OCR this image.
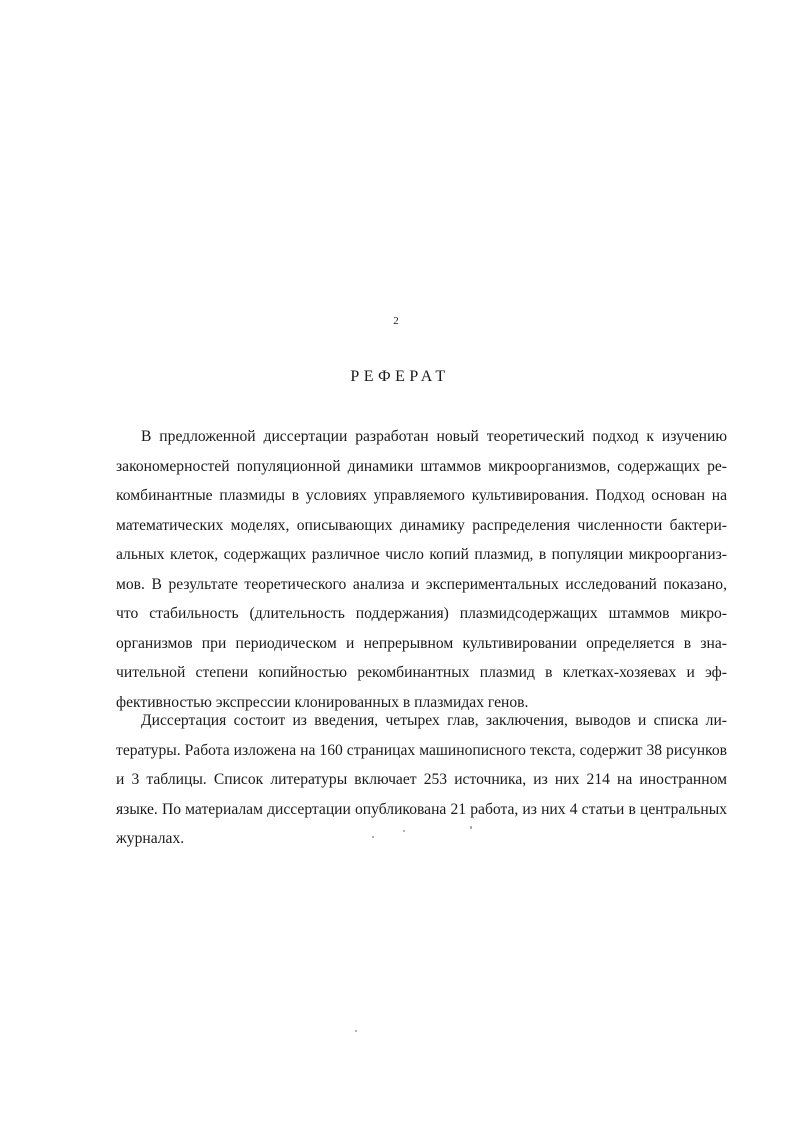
2
РЕФЕРАТ

В предложенной диссертации разработан новый теоретический подход к изучению закономерностей популяционной динамики штаммов микроорганизмов, содержащих рекомбинантные плазмиды в условиях управляемого культивирования. Подход основан на математических моделях, описывающих динамику распределения численности бактериальных клеток, содержащих различное число копий плазмид, в популяции микроорганизмов. В результате теоретического анализа и экспериментальных исследований показано, что стабильность (длительность поддержания) плазмидсодержащих штаммов микроорганизмов при периодическом и непрерывном культивировании определяется в значительной степени копийностью рекомбинантных плазмид в клетках-хозяевах и эффективностью экспрессии клонированных в плазмидах генов.

Диссертация состоит из введения, четырех глав, заключения, выводов и списка литературы. Работа изложена на 160 страницах машинописного текста, содержит 38 рисунков и 3 таблицы. Список литературы включает 253 источника, из них 214 на иностранном языке. По материалам диссертации опубликована 21 работа, из них 4 статьи в центральных журналах.
